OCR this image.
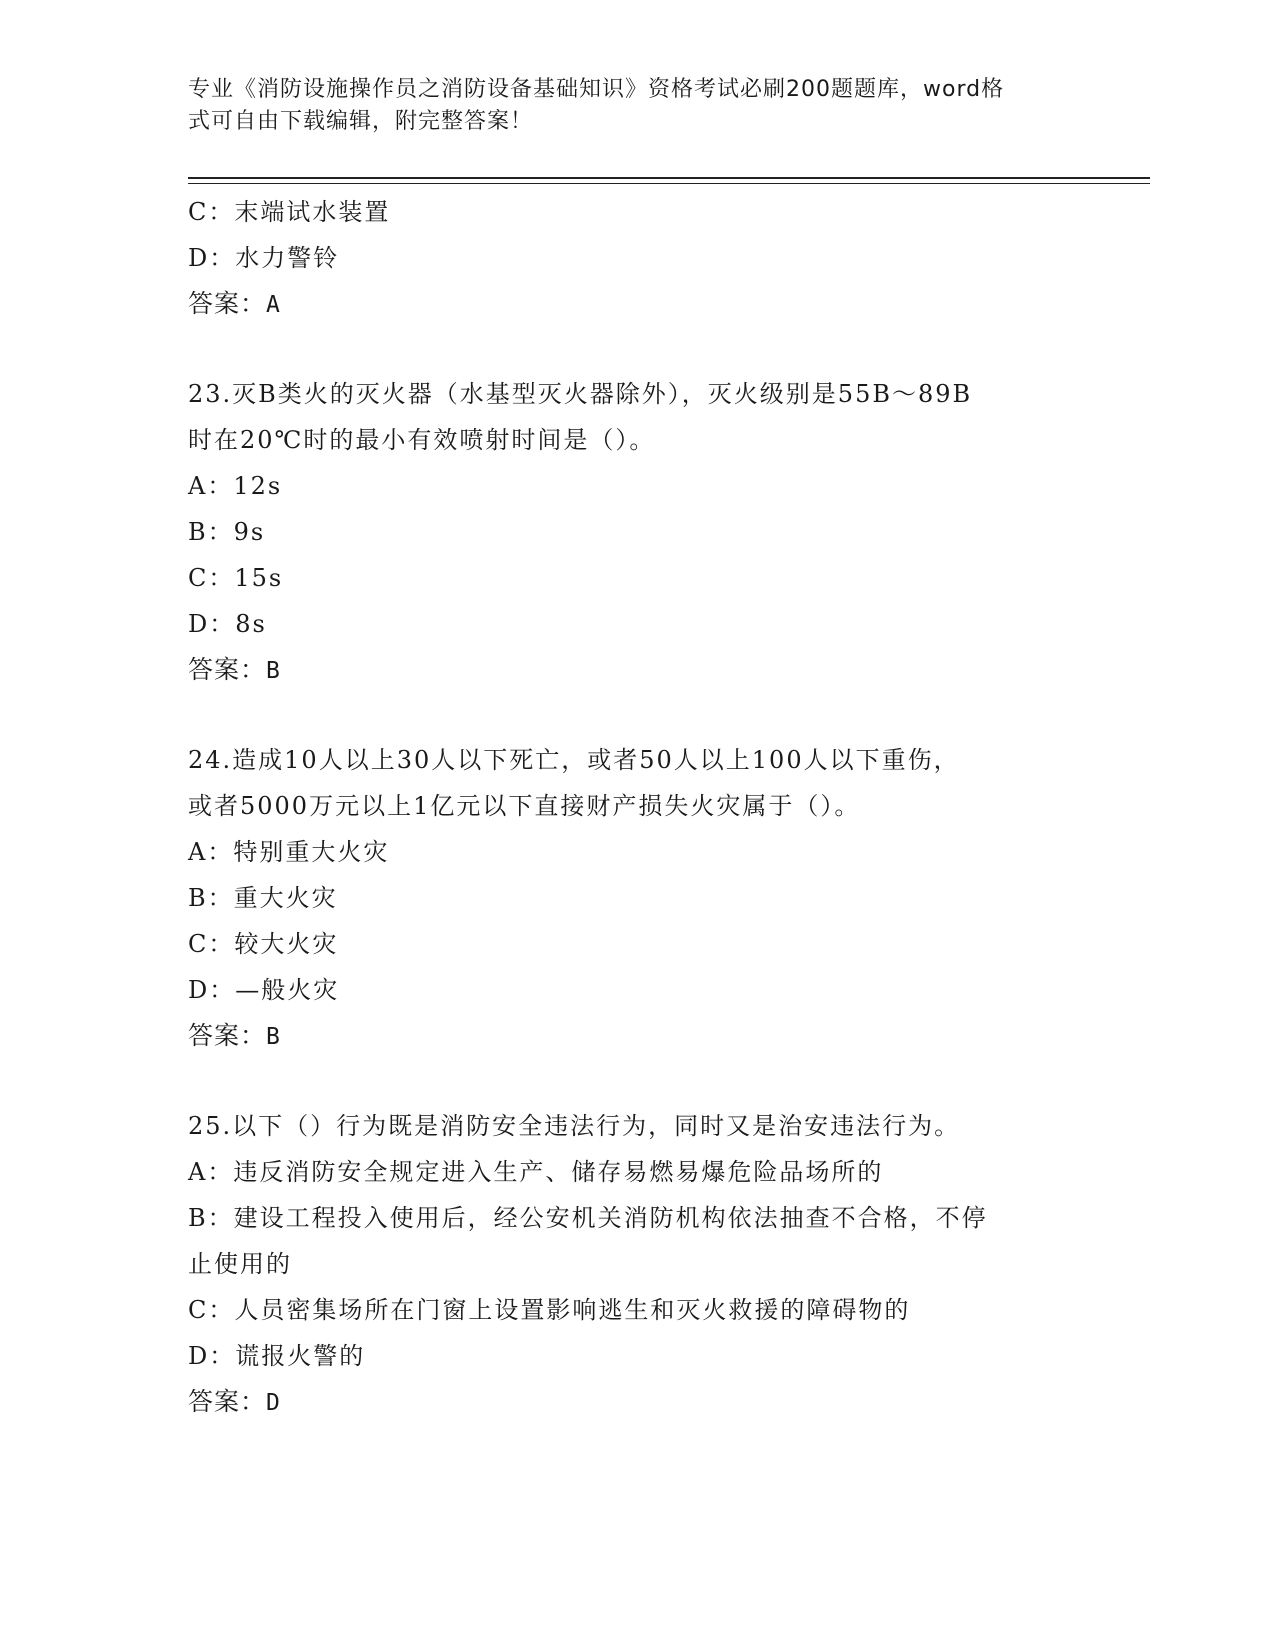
专业《消防设施操作员之消防设备基础知识》资格考试必刷200题题库，word格
式可自由下载编辑，附完整答案！
C：末端试水装置
D：水力警铃
答案：A
23.灭B类火的灭火器（水基型灭火器除外），灭火级别是55B～89B
时在20℃时的最小有效喷射时间是（）。
A：12s
B：9s
C：15s
D：8s
答案：B
24.造成10人以上30人以下死亡，或者50人以上100人以下重伤，
或者5000万元以上1亿元以下直接财产损失火灾属于（）。
A：特别重大火灾
B：重大火灾
C：较大火灾
D：—般火灾
答案：B
25.以下（）行为既是消防安全违法行为，同时又是治安违法行为。
A：违反消防安全规定进入生产、储存易燃易爆危险品场所的
B：建设工程投入使用后，经公安机关消防机构依法抽查不合格，不停
止使用的
C：人员密集场所在门窗上设置影响逃生和灭火救援的障碍物的
D：谎报火警的
答案：D
